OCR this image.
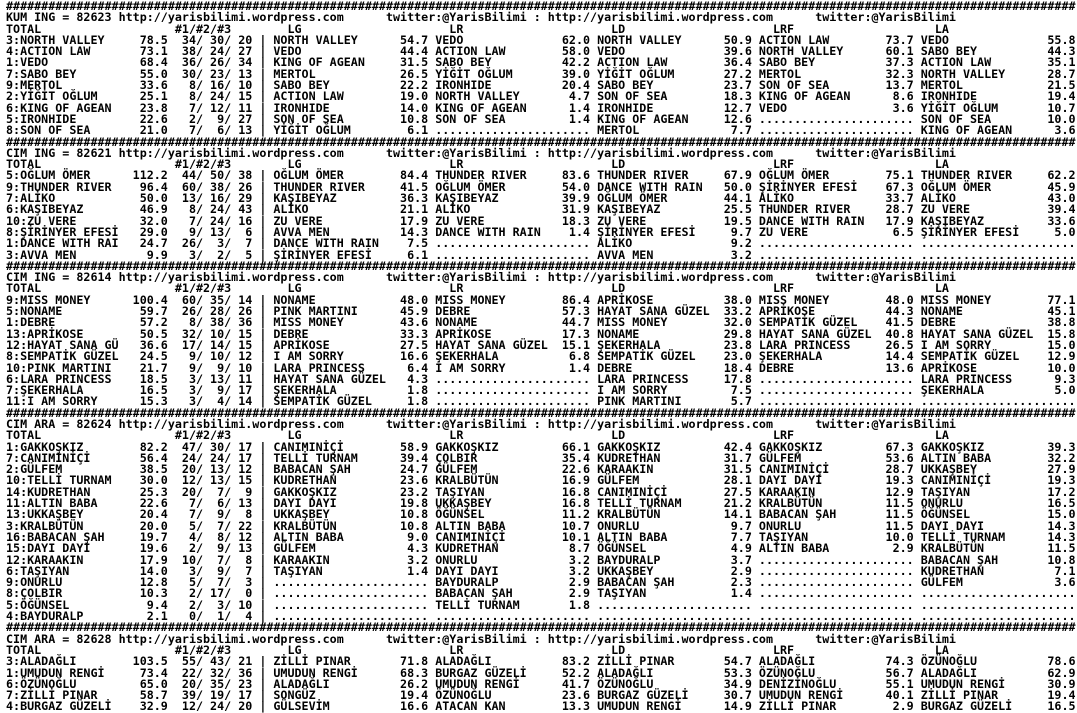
########################################################################################################################################################
KUM ING = 82623 http://yarisbilimi.wordpress.com      twitter:@YarisBilimi : http://yarisbilimi.wordpress.com      twitter:@YarisBilimi
TOTAL                   #1/#2/#3        LG                     LR                     LD                     LRF                    LA
3:NORTH VALLEY     78.5  34/ 30/ 20 | NORTH VALLEY      54.7 VEDO              62.0 NORTH VALLEY      50.9 ACTION LAW        73.7 VEDO              55.8
4:ACTION LAW       73.1  38/ 24/ 27 | VEDO              44.4 ACTION LAW        58.0 VEDO              39.6 NORTH VALLEY      60.1 SABO BEY          44.3
1:VEDO             68.4  36/ 26/ 34 | KING OF AGEAN     31.5 SABO BEY          42.2 ACTION LAW        36.4 SABO BEY          37.3 ACTION LAW        35.1
7:SABO BEY         55.0  30/ 23/ 13 | MERTOL            26.5 YİĞİT OĞLUM       39.0 YİĞİT OĞLUM       27.2 MERTOL            32.3 NORTH VALLEY      28.7
9:MERTOL           33.6   8/ 16/ 10 | SABO BEY          22.2 IRONHIDE          20.4 SABO BEY          23.7 SON OF SEA        13.7 MERTOL            21.5
2:YİĞİT OĞLUM      25.1   8/ 24/ 15 | ACTION LAW        19.0 NORTH VALLEY       4.7 SON OF SEA        18.3 KING OF AGEAN      8.6 IRONHIDE          19.4
6:KING OF AGEAN    23.8   7/ 12/ 11 | IRONHIDE          14.0 KING OF AGEAN      1.4 IRONHIDE          12.7 VEDO               3.6 YİĞİT OĞLUM       10.7
5:IRONHIDE         22.6   2/  9/ 27 | SON OF SEA        10.8 SON OF SEA         1.4 KING OF AGEAN     12.6 ...................... SON OF SEA        10.0
8:SON OF SEA       21.0   7/  6/ 13 | YİĞİT OĞLUM        6.1 ...................... MERTOL             7.7 ...................... KING OF AGEAN      3.6
########################################################################################################################################################
CIM ING = 82621 http://yarisbilimi.wordpress.com      twitter:@YarisBilimi : http://yarisbilimi.wordpress.com      twitter:@YarisBilimi
TOTAL                   #1/#2/#3        LG                     LR                     LD                     LRF                    LA
5:OĞLUM ÖMER      112.2  44/ 50/ 38 | OĞLUM ÖMER        84.4 THUNDER RIVER     83.6 THUNDER RIVER     67.9 OĞLUM ÖMER        75.1 THUNDER RIVER     62.2
9:THUNDER RIVER    96.4  60/ 38/ 26 | THUNDER RIVER     41.5 OĞLUM ÖMER        54.0 DANCE WITH RAIN   50.0 ŞİRİNYER EFESİ    67.3 OĞLUM ÖMER        45.9
7:ALİKO            50.0  13/ 16/ 29 | KAŞIBEYAZ         36.3 KAŞIBEYAZ         39.9 OĞLUM ÖMER        44.1 ALİKO             33.7 ALİKO             43.0
6:KAŞIBEYAZ        46.9   8/ 24/ 43 | ALİKO             21.1 ALİKO             31.9 KAŞIBEYAZ         25.5 THUNDER RIVER     28.7 ZU VERE           39.4
10:ZU VERE         32.0   7/ 24/ 16 | ZU VERE           17.9 ZU VERE           18.3 ZU VERE           19.5 DANCE WITH RAIN   17.9 KAŞIBEYAZ         33.6
8:ŞİRİNYER EFESİ   29.0   9/ 13/  6 | AVVA MEN          14.3 DANCE WITH RAIN    1.4 ŞİRİNYER EFESİ     9.7 ZU VERE            6.5 ŞİRİNYER EFESİ     5.0
1:DANCE WITH RAI   24.7  26/  3/  7 | DANCE WITH RAIN    7.5 ...................... ALİKO              9.2 ...................... ......................
3:AVVA MEN          9.9   3/  2/  5 | ŞİRİNYER EFESİ     6.1 ...................... AVVA MEN           3.2 ...................... ......................
########################################################################################################################################################
CIM ING = 82614 http://yarisbilimi.wordpress.com      twitter:@YarisBilimi : http://yarisbilimi.wordpress.com      twitter:@YarisBilimi
TOTAL                   #1/#2/#3        LG                     LR                     LD                     LRF                    LA
9:MISS MONEY      100.4  60/ 35/ 14 | NONAME            48.0 MISS MONEY        86.4 APRİKOSE          38.0 MISS MONEY        48.0 MISS MONEY        77.1
5:NONAME           59.7  26/ 28/ 26 | PINK MARTINI      45.9 DEBRE             57.3 HAYAT SANA GÜZEL  33.2 APRİKOSE          44.3 NONAME            45.1
1:DEBRE            57.2   8/ 38/ 36 | MISS MONEY        43.6 NONAME            44.7 MISS MONEY        32.0 SEMPATİK GÜZEL    41.5 DEBRE             38.8
13:APRİKOSE        50.5  32/ 10/ 15 | DEBRE             33.3 APRİKOSE          17.3 NONAME            29.8 HAYAT SANA GÜZEL  40.8 HAYAT SANA GÜZEL  15.8
12:HAYAT SANA GÜ   36.6  17/ 14/ 15 | APRİKOSE          27.5 HAYAT SANA GÜZEL  15.1 ŞEKERHALA         23.8 LARA PRINCESS     26.5 I AM SORRY        15.0
8:SEMPATİK GÜZEL   24.5   9/ 10/ 12 | I AM SORRY        16.6 ŞEKERHALA          6.8 SEMPATİK GÜZEL    23.0 ŞEKERHALA         14.4 SEMPATİK GÜZEL    12.9
10:PINK MARTINI    21.7   9/  9/ 10 | LARA PRINCESS      6.4 İ AM SORRY         1.4 DEBRE             18.4 DEBRE             13.6 APRİKOSE          10.0
6:LARA PRINCESS    18.5   3/ 13/ 11 | HAYAT SANA GÜZEL   4.3 ...................... LARA PRINCESS     17.8 ...................... LARA PRINCESS      9.3
7:ŞEKERHALA        16.5   3/  9/ 17 | ŞEKERHALA          1.8 ...................... I AM SORRY         7.5 ...................... ŞEKERHALA          5.0
11:I AM SORRY      15.3   3/  4/ 14 | SEMPATİK GÜZEL     1.8 ...................... PINK MARTINI       5.7 ...................... ......................
########################################################################################################################################################
CIM ARA = 82624 http://yarisbilimi.wordpress.com      twitter:@YarisBilimi : http://yarisbilimi.wordpress.com      twitter:@YarisBilimi
TOTAL                   #1/#2/#3        LG                     LR                     LD                     LRF                    LA
1:GAKKOŞKIZ        82.2  47/ 30/ 17 | CANIMINİÇİ        58.9 GAKKOŞKIZ         66.1 GAKKOŞKIZ         42.4 GAKKOŞKIZ         67.3 GAKKOŞKIZ         39.3
7:CANIMINİÇİ       56.4  24/ 24/ 17 | TELLİ TURNAM      39.4 ÇOLBIR            35.4 KUDRETHAN         31.7 GÜLFEM            53.6 ALTIN BABA        32.2
2:GÜLFEM           38.5  20/ 13/ 12 | BABACAN ŞAH       24.7 GÜLFEM            22.6 KARAAKIN          31.5 CANIMINİÇİ        28.7 UKKAŞBEY          27.9
10:TELLİ TURNAM    30.0  12/ 13/ 15 | KUDRETHAN         23.6 KRALBÜTÜN         16.9 GÜLFEM            28.1 DAYI DAYI         19.3 CANIMINİÇİ        19.3
14:KUDRETHAN       25.3  20/  7/  9 | GAKKOŞKIZ         23.2 TAŞIYAN           16.8 CANIMINİÇİ        27.5 KARAAKIN          12.9 TAŞIYAN           17.2
11:ALTIN BABA      22.6   7/  6/ 13 | DAYI DAYI         19.8 UKKAŞBEY          16.8 TELLİ TURNAM      21.2 KRALBÜTÜN         11.5 ONURLU            16.5
13:UKKAŞBEY        20.4   7/  9/  8 | UKKAŞBEY          10.8 ÖĞÜNSEL           11.2 KRALBÜTÜN         14.1 BABACAN ŞAH       11.5 ÖĞÜNSEL           15.0
3:KRALBÜTÜN        20.0   5/  7/ 22 | KRALBÜTÜN         10.8 ALTIN BABA        10.7 ONURLU             9.7 ONURLU            11.5 DAYI DAYI         14.3
16:BABACAN ŞAH     19.7   4/  8/ 12 | ALTIN BABA         9.0 CANIMINİÇİ        10.1 ALTIN BABA         7.7 TAŞIYAN           10.0 TELLİ TURNAM      14.3
15:DAYI DAYI       19.6   2/  9/ 13 | GÜLFEM             4.3 KUDRETHAN          8.7 ÖĞÜNSEL            4.9 ALTIN BABA         2.9 KRALBÜTÜN         11.5
12:KARAAKIN        17.9  10/  7/  8 | KARAAKIN           3.2 ONURLU             3.2 BAYDURALP          3.7 ...................... BABACAN ŞAH       10.8
6:TAŞIYAN          14.0   3/  9/  7 | TAŞIYAN            1.4 DAYI DAYI          3.2 UKKAŞBEY           2.9 ...................... KUDRETHAN          7.1
9:ONURLU           12.8   5/  7/  3 | ...................... BAYDURALP          2.9 BABACAN ŞAH        2.3 ...................... GÜLFEM             3.6
8:ÇOLBIR           10.3   2/ 17/  0 | ...................... BABACAN ŞAH        2.9 TAŞIYAN            1.4 ...................... ......................
5:ÖĞÜNSEL           9.4   2/  3/ 10 | ...................... TELLİ TURNAM       1.8 ...................... ...................... ......................
4:BAYDURALP         2.1   0/  1/  4 | ...................... ...................... ...................... ...................... ......................
########################################################################################################################################################
CIM ARA = 82628 http://yarisbilimi.wordpress.com      twitter:@YarisBilimi : http://yarisbilimi.wordpress.com      twitter:@YarisBilimi
TOTAL                   #1/#2/#3        LG                     LR                     LD                     LRF                    LA
3:ALADAĞLI        103.5  55/ 43/ 21 | ZİLLİ PINAR       71.8 ALADAĞLI          83.2 ZİLLİ PINAR       54.7 ALADAĞLI          74.3 ÖZÜNOĞLU          78.6
1:UMUDUN RENGİ     73.4  22/ 32/ 36 | UMUDUN RENGİ      68.3 BURGAZ GÜZELİ     52.2 ALADAĞLI          53.3 ÖZÜNOĞLU          56.7 ALADAĞLI          62.9
6:ÖZÜNOĞLU         65.0  20/ 35/ 23 | ALADAĞLI          26.2 UMUDUN RENGİ      41.7 ÖZÜNOĞLU          34.9 DENİZİNOĞLU       55.1 UMUDUN RENGİ      30.9
7:ZİLLİ PINAR      58.7  39/ 19/ 17 | SONGÜZ            19.4 ÖZÜNOĞLU          23.6 BURGAZ GÜZELİ     30.7 UMUDUN RENGİ      40.1 ZİLLİ PINAR       19.4
4:BURGAZ GÜZELİ    32.9  12/ 24/ 20 | GÜLSEVİM          16.6 ATACAN KAN        13.3 UMUDUN RENGİ      14.9 ZİLLİ PINAR        2.9 BURGAZ GÜZELİ     16.5
